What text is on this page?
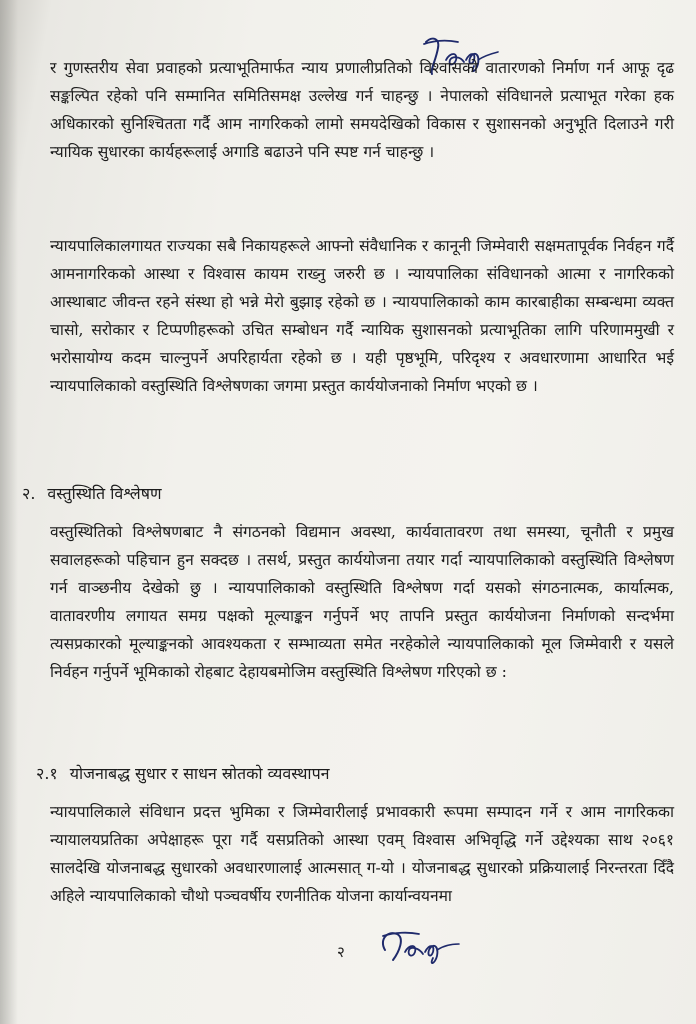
र गुणस्तरीय सेवा प्रवाहको प्रत्याभूतिमार्फत न्याय प्रणालीप्रतिको विश्वासको वातारणको निर्माण गर्न आफू दृढ सङ्कल्पित रहेको पनि सम्मानित समितिसमक्ष उल्लेख गर्न चाहन्छु । नेपालको संविधानले प्रत्याभूत गरेका हक अधिकारको सुनिश्चितता गर्दै आम नागरिकको लामो समयदेखिको विकास र सुशासनको अनुभूति दिलाउने गरी न्यायिक सुधारका कार्यहरूलाई अगाडि बढाउने पनि स्पष्ट गर्न चाहन्छु ।
न्यायपालिकालगायत राज्यका सबै निकायहरूले आफ्नो संवैधानिक र कानूनी जिम्मेवारी सक्षमतापूर्वक निर्वहन गर्दै आमनागरिकको आस्था र विश्वास कायम राख्नु जरुरी छ । न्यायपालिका संविधानको आत्मा र नागरिकको आस्थाबाट जीवन्त रहने संस्था हो भन्ने मेरो बुझाइ रहेको छ । न्यायपालिकाको काम कारबाहीका सम्बन्धमा व्यक्त चासो, सरोकार र टिप्पणीहरूको उचित सम्बोधन गर्दै न्यायिक सुशासनको प्रत्याभूतिका लागि परिणाममुखी र भरोसायोग्य कदम चाल्नुपर्ने अपरिहार्यता रहेको छ । यही पृष्ठभूमि, परिदृश्य र अवधारणामा आधारित भई न्यायपालिकाको वस्तुस्थिति विश्लेषणका जगमा प्रस्तुत कार्ययोजनाको निर्माण भएको छ ।
२. वस्तुस्थिति विश्लेषण
वस्तुस्थितिको विश्लेषणबाट नै संगठनको विद्यमान अवस्था, कार्यवातावरण तथा समस्या, चूनौती र प्रमुख सवालहरूको पहिचान हुन सक्दछ । तसर्थ, प्रस्तुत कार्ययोजना तयार गर्दा न्यायपालिकाको वस्तुस्थिति विश्लेषण गर्न वाञ्छनीय देखेको छु । न्यायपालिकाको वस्तुस्थिति विश्लेषण गर्दा यसको संगठनात्मक, कार्यात्मक, वातावरणीय लगायत समग्र पक्षको मूल्याङ्कन गर्नुपर्ने भए तापनि प्रस्तुत कार्ययोजना निर्माणको सन्दर्भमा त्यसप्रकारको मूल्याङ्कनको आवश्यकता र सम्भाव्यता समेत नरहेकोले न्यायपालिकाको मूल जिम्मेवारी र यसले निर्वहन गर्नुपर्ने भूमिकाको रोहबाट देहायबमोजिम वस्तुस्थिति विश्लेषण गरिएको छ :
२.१ योजनाबद्ध सुधार र साधन स्रोतको व्यवस्थापन
न्यायपालिकाले संविधान प्रदत्त भुमिका र जिम्मेवारीलाई प्रभावकारी रूपमा सम्पादन गर्ने र आम नागरिकका न्यायालयप्रतिका अपेक्षाहरू पूरा गर्दै यसप्रतिको आस्था एवम् विश्वास अभिवृद्धि गर्ने उद्देश्यका साथ २०६१ सालदेखि योजनाबद्ध सुधारको अवधारणालाई आत्मसात् ग-यो । योजनाबद्ध सुधारको प्रक्रियालाई निरन्तरता दिँदै अहिले न्यायपालिकाको चौथो पञ्चवर्षीय रणनीतिक योजना कार्यान्वयनमा
२
